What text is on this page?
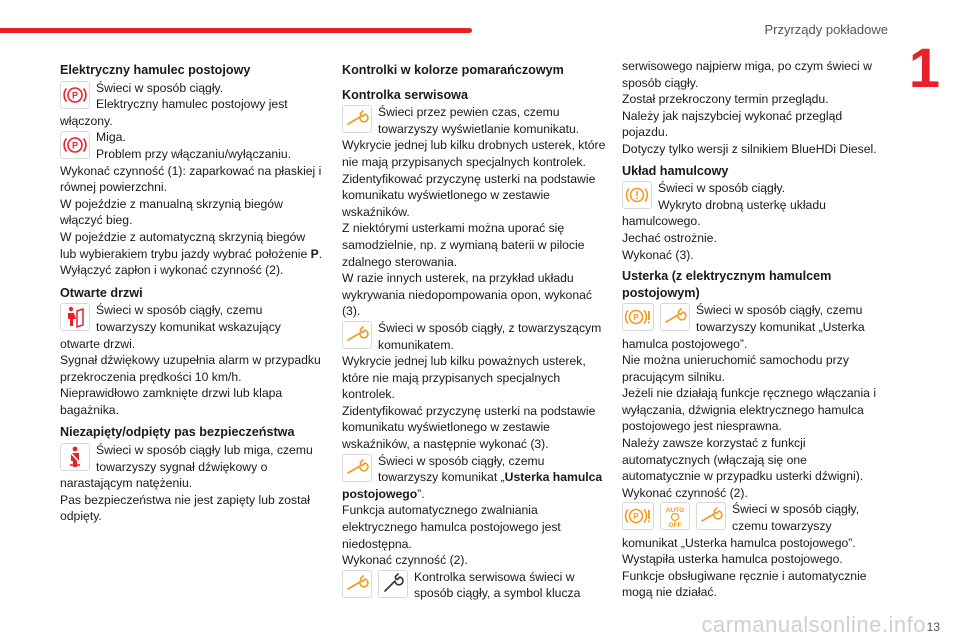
Przyrządy pokładowe
1
Elektryczny hamulec postojowy
P

Świeci w sposób ciągły.

Elektryczny hamulec postojowy jest włączony.

P

Miga.

Problem przy włączaniu/wyłączaniu.

Wykonać czynność (1): zaparkować na płaskiej i równej powierzchni.

W pojeździe z manualną skrzynią biegów włączyć bieg.

W pojeździe z automatyczną skrzynią biegów lub wybierakiem trybu jazdy wybrać położenie P.

Wyłączyć zapłon i wykonać czynność (2).

Otwarte drzwi

Świeci w sposób ciągły, czemu towarzyszy komunikat wskazujący otwarte drzwi.

Sygnał dźwiękowy uzupełnia alarm w przypadku przekroczenia prędkości 10 km/h.

Nieprawidłowo zamknięte drzwi lub klapa bagażnika.

Niezapięty/odpięty pas bezpieczeństwa

Świeci w sposób ciągły lub miga, czemu towarzyszy sygnał dźwiękowy o narastającym natężeniu.

Pas bezpieczeństwa nie jest zapięty lub został odpięty.

Kontrolki w kolorze pomarańczowym
Kontrolka serwisowa

Świeci przez pewien czas, czemu towarzyszy wyświetlanie komunikatu.

Wykrycie jednej lub kilku drobnych usterek, które nie mają przypisanych specjalnych kontrolek.

Zidentyfikować przyczynę usterki na podstawie komunikatu wyświetlonego w zestawie wskaźników.

Z niektórymi usterkami można uporać się samodzielnie, np. z wymianą baterii w pilocie zdalnego sterowania.

W razie innych usterek, na przykład układu wykrywania niedopompowania opon, wykonać (3).

Świeci w sposób ciągły, z towarzyszącym komunikatem.

Wykrycie jednej lub kilku poważnych usterek, które nie mają przypisanych specjalnych kontrolek.

Zidentyfikować przyczynę usterki na podstawie komunikatu wyświetlonego w zestawie wskaźników, a następnie wykonać (3).

Świeci w sposób ciągły, czemu towarzyszy komunikat „Usterka hamulca postojowego”.

Funkcja automatycznego zwalniania elektrycznego hamulca postojowego jest niedostępna.

Wykonać czynność (2).

Kontrolka serwisowa świeci w sposób ciągły, a symbol klucza

serwisowego najpierw miga, po czym świeci w sposób ciągły.

Został przekroczony termin przeglądu.

Należy jak najszybciej wykonać przegląd pojazdu.

Dotyczy tylko wersji z silnikiem BlueHDi Diesel.

Układ hamulcowy

Świeci w sposób ciągły.

Wykryto drobną usterkę układu hamulcowego.

Jechać ostrożnie.

Wykonać (3).

Usterka (z elektrycznym hamulcem postojowym)
P

Świeci w sposób ciągły, czemu towarzyszy komunikat „Usterka hamulca postojowego”.

Nie można unieruchomić samochodu przy pracującym silniku.

Jeżeli nie działają funkcje ręcznego włączania i wyłączania, dźwignia elektrycznego hamulca postojowego jest niesprawna.

Należy zawsze korzystać z funkcji automatycznych (włączają się one automatycznie w przypadku usterki dźwigni).

Wykonać czynność (2).

P
AUTO
OFF

Świeci w sposób ciągły, czemu towarzyszy komunikat „Usterka hamulca postojowego”.

Wystąpiła usterka hamulca postojowego.

Funkcje obsługiwane ręcznie i automatycznie mogą nie działać.

carmanualsonline.info 13
